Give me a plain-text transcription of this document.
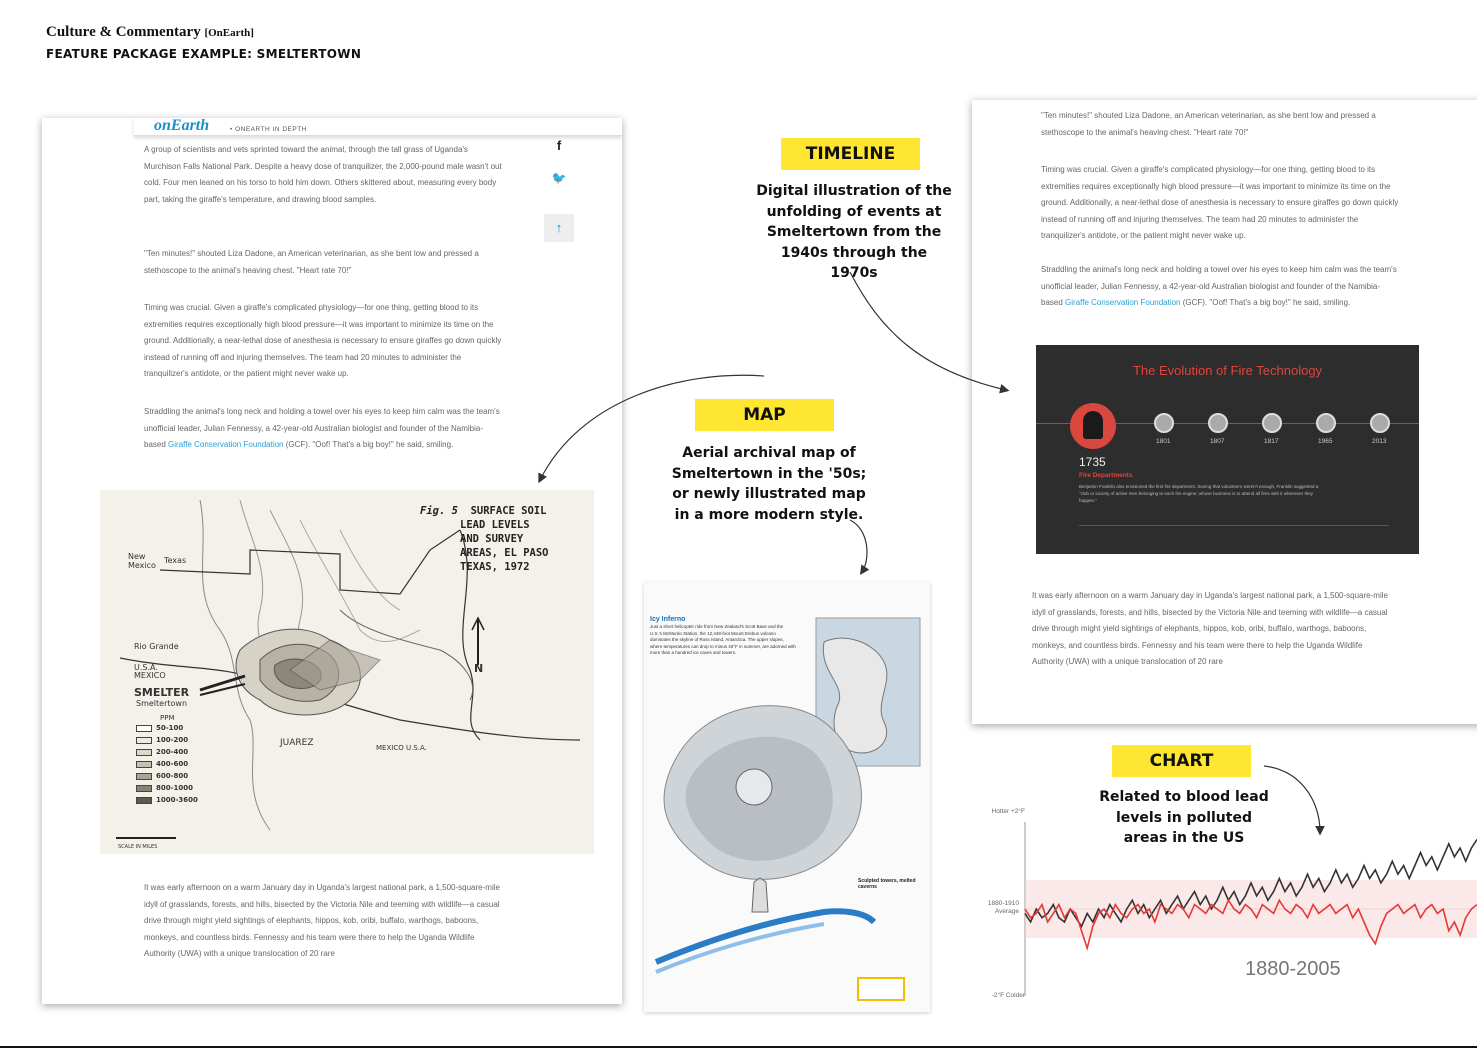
Culture & Commentary [OnEarth]
FEATURE PACKAGE EXAMPLE: SMELTERTOWN
onEarth	• ONEARTH IN DEPTH
f
🐦
↑
A group of scientists and vets sprinted toward the animal, through the tall grass of Uganda's Murchison Falls National Park. Despite a heavy dose of tranquilizer, the 2,000-pound male wasn't out cold. Four men leaned on his torso to hold him down. Others skittered about, measuring every body part, taking the giraffe's temperature, and drawing blood samples.
"Ten minutes!" shouted Liza Dadone, an American veterinarian, as she bent low and pressed a stethoscope to the animal's heaving chest. "Heart rate 70!"
Timing was crucial. Given a giraffe's complicated physiology—for one thing, getting blood to its extremities requires exceptionally high blood pressure—it was important to minimize its time on the ground. Additionally, a near-lethal dose of anesthesia is necessary to ensure giraffes go down quickly instead of running off and injuring themselves. The team had 20 minutes to administer the tranquilizer's antidote, or the patient might never wake up.
Straddling the animal's long neck and holding a towel over his eyes to keep him calm was the team's unofficial leader, Julian Fennessy, a 42-year-old Australian biologist and founder of the Namibia-based Giraffe Conservation Foundation (GCF). "Oof! That's a big boy!" he said, smiling.
Fig. 5 SURFACE SOIL
LEAD LEVELS
AND SURVEY
AREAS, EL PASO
TEXAS, 1972
New Mexico
Texas
Rio Grande
U.S.A. MEXICO
SMELTER
Smeltertown
JUAREZ	MEXICO U.S.A.
N
SCALE IN MILES
PPM
50-100
100-200
200-400
400-600
600-800
800-1000
1000-3600
It was early afternoon on a warm January day in Uganda's largest national park, a 1,500-square-mile idyll of grasslands, forests, and hills, bisected by the Victoria Nile and teeming with wildlife—a casual drive through might yield sightings of elephants, hippos, kob, oribi, buffalo, warthogs, baboons, monkeys, and countless birds. Fennessy and his team were there to help the Uganda Wildlife Authority (UWA) with a unique translocation of 20 rare
"Ten minutes!" shouted Liza Dadone, an American veterinarian, as she bent low and pressed a stethoscope to the animal's heaving chest. "Heart rate 70!"
Timing was crucial. Given a giraffe's complicated physiology—for one thing, getting blood to its extremities requires exceptionally high blood pressure—it was important to minimize its time on the ground. Additionally, a near-lethal dose of anesthesia is necessary to ensure giraffes go down quickly instead of running off and injuring themselves. The team had 20 minutes to administer the tranquilizer's antidote, or the patient might never wake up.
Straddling the animal's long neck and holding a towel over his eyes to keep him calm was the team's unofficial leader, Julian Fennessy, a 42-year-old Australian biologist and founder of the Namibia-based Giraffe Conservation Foundation (GCF). "Oof! That's a big boy!" he said, smiling.
The Evolution of Fire Technology
1801	1807	1817	1965	2013
1735
Fire Departments
Benjamin Franklin also envisioned the first fire department. Seeing that volunteers weren't enough, Franklin suggested a "club or society of active men belonging to each fire engine; whose business is to attend all fires with it whenever they happen."
It was early afternoon on a warm January day in Uganda's largest national park, a 1,500-square-mile idyll of grasslands, forests, and hills, bisected by the Victoria Nile and teeming with wildlife—a casual drive through might yield sightings of elephants, hippos, kob, oribi, buffalo, warthogs, baboons, monkeys, and countless birds. Fennessy and his team were there to help the Uganda Wildlife Authority (UWA) with a unique translocation of 20 rare
TIMELINE
Digital illustration of the unfolding of events at Smeltertown from the 1940s through the 1970s
MAP
Aerial archival map of Smeltertown in the '50s; or newly illustrated map in a more modern style.
CHART
Related to blood lead levels in polluted areas in the US
Icy Inferno
Just a short helicopter ride from New Zealand's Scott Base and the U.S.'s McMurdo Station, the 12,448-foot Mount Erebus volcano dominates the skyline of Ross Island, Antarctica. The upper slopes, where temperatures can drop to minus 40°F in summer, are adorned with more than a hundred ice caves and towers.
Sculpted towers, melted caverns
Hotter +2°F
1880-1910 Average
-2°F Colder
1880-2005
